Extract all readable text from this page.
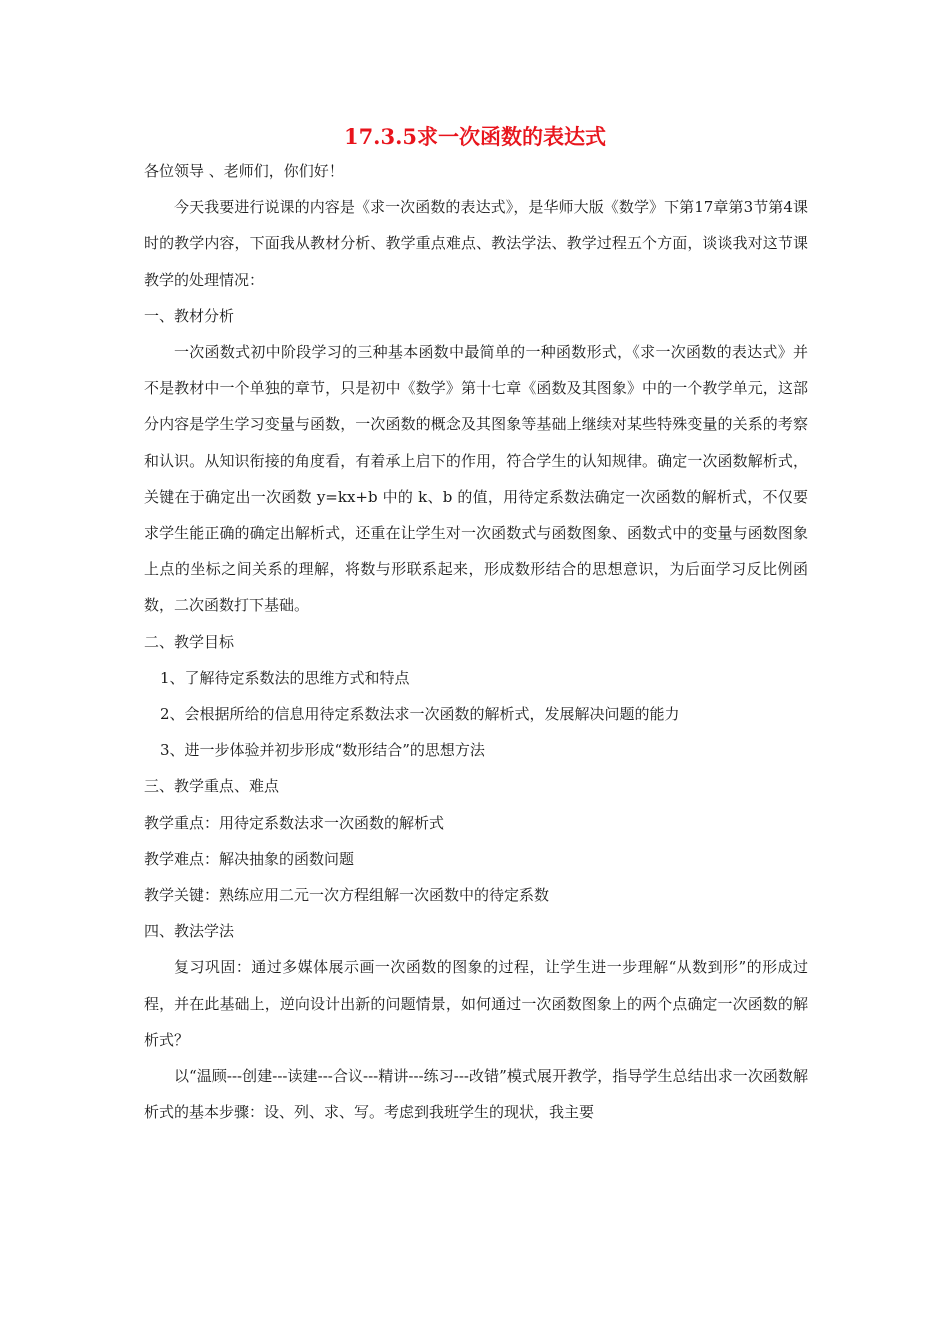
17.3.5求一次函数的表达式

各位领导 、老师们，你们好！

今天我要进行说课的内容是《求一次函数的表达式》，是华师大版《数学》下第17章第3节第4课时的教学内容，下面我从教材分析、教学重点难点、教法学法、教学过程五个方面，谈谈我对这节课教学的处理情况：

一、教材分析

一次函数式初中阶段学习的三种基本函数中最简单的一种函数形式，《求一次函数的表达式》并不是教材中一个单独的章节，只是初中《数学》第十七章《函数及其图象》中的一个教学单元，这部分内容是学生学习变量与函数，一次函数的概念及其图象等基础上继续对某些特殊变量的关系的考察和认识。从知识衔接的角度看，有着承上启下的作用，符合学生的认知规律。确定一次函数解析式，关键在于确定出一次函数 y=kx+b 中的 k、b 的值，用待定系数法确定一次函数的解析式，不仅要求学生能正确的确定出解析式，还重在让学生对一次函数式与函数图象、函数式中的变量与函数图象上点的坐标之间关系的理解，将数与形联系起来，形成数形结合的思想意识，为后面学习反比例函数，二次函数打下基础。

二、教学目标

1、了解待定系数法的思维方式和特点

2、会根据所给的信息用待定系数法求一次函数的解析式，发展解决问题的能力

3、进一步体验并初步形成“数形结合”的思想方法

三、教学重点、难点

教学重点：用待定系数法求一次函数的解析式

教学难点：解决抽象的函数问题

教学关键：熟练应用二元一次方程组解一次函数中的待定系数

四、教法学法

复习巩固：通过多媒体展示画一次函数的图象的过程，让学生进一步理解“从数到形”的形成过程，并在此基础上，逆向设计出新的问题情景，如何通过一次函数图象上的两个点确定一次函数的解析式？

以“温顾---创建---读建---合议---精讲---练习---改错”模式展开教学，指导学生总结出求一次函数解析式的基本步骤：设、列、求、写。考虑到我班学生的现状，我主要
